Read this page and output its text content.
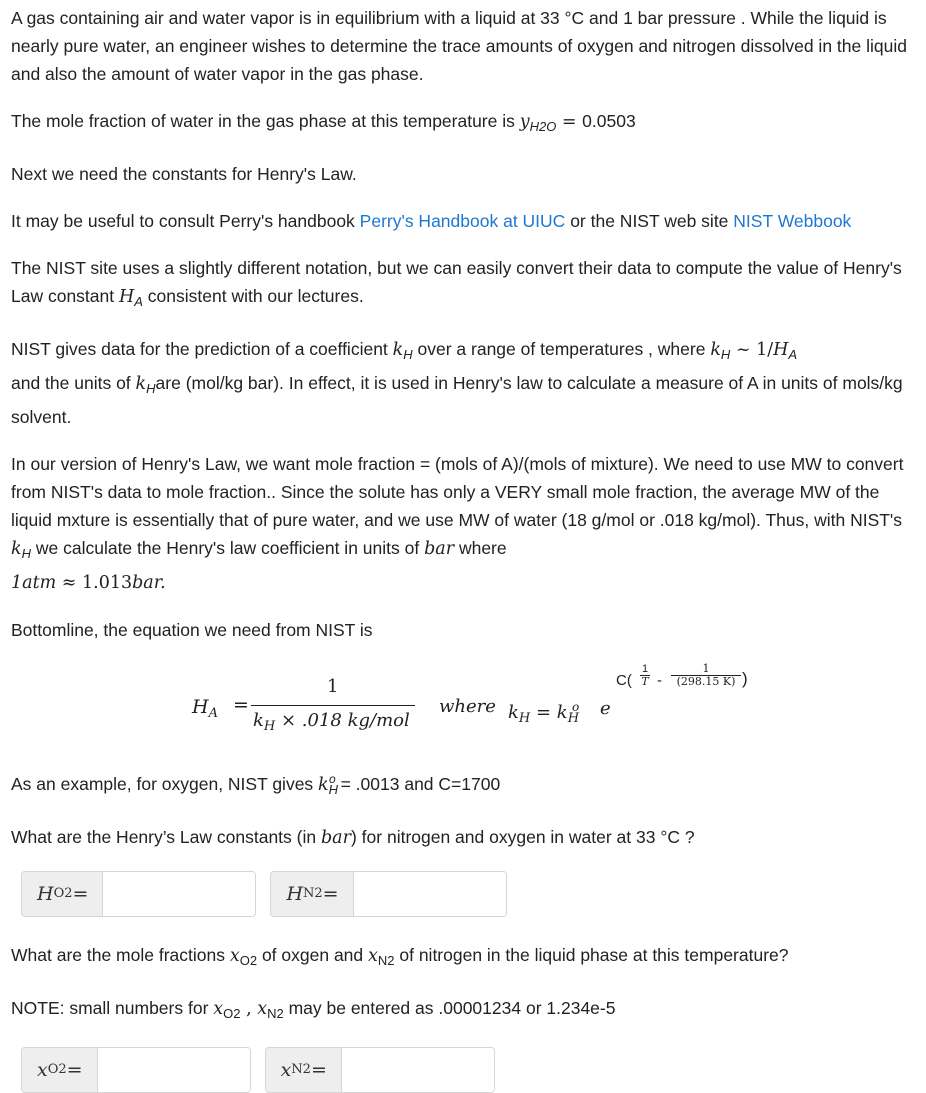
A gas containing air and water vapor is in equilibrium with a liquid at 33 °C and 1 bar pressure . While the liquid is nearly pure water, an engineer wishes to determine the trace amounts of oxygen and nitrogen dissolved in the liquid and also the amount of water vapor in the gas phase.

The mole fraction of water in the gas phase at this temperature is $y_{H2O} = 0.0503$

Next we need the constants for Henry's Law.

It may be useful to consult Perry's handbook Perry's Handbook at UIUC or the NIST web site NIST Webbook

The NIST site uses a slightly different notation, but we can easily convert their data to compute the value of Henry's Law constant $H_A$ consistent with our lectures.

NIST gives data for the prediction of a coefficient $k_H$ over a range of temperatures , where $k_H$ ~ $1/H_A$
and the units of $k_Hare$ (mol/kg bar). In effect, it is used in Henry's law to calculate a measure of A in units of mols/kg solvent.

In our version of Henry's Law, we want mole fraction = (mols of A)/(mols of mixture). We need to use MW to convert from NIST's data to mole fraction.. Since the solute has only a VERY small mole fraction, the average MW of the liquid mxture is essentially that of pure water, and we use MW of water (18 g/mol or .018 kg/mol). Thus, with NIST's $k_H$ we calculate the Henry's law coefficient in units of bar where
1atm ≈ 1.013bar.

Bottomline, the equation we need from NIST is

$H_A$ =
1
$k_H \times .018$ kg/mol
where $k_H = k_H^o$ e
C(
1
T -
1
(298.15 K) )

As an example, for oxygen, NIST gives $k_H^o = .0013$ and C=1700

What are the Henry’s Law constants (in bar) for nitrogen and oxygen in water at 33 °C ?

H O2 =	H N2 =

What are the mole fractions $x_{O2}$ of oxgen and $x_{N2}$ of nitrogen in the liquid phase at this temperature?

NOTE: small numbers for $x_{O2}$ , $x_{N2}$ may be entered as .00001234 or 1.234e-5

x O2 =	x N2 =
